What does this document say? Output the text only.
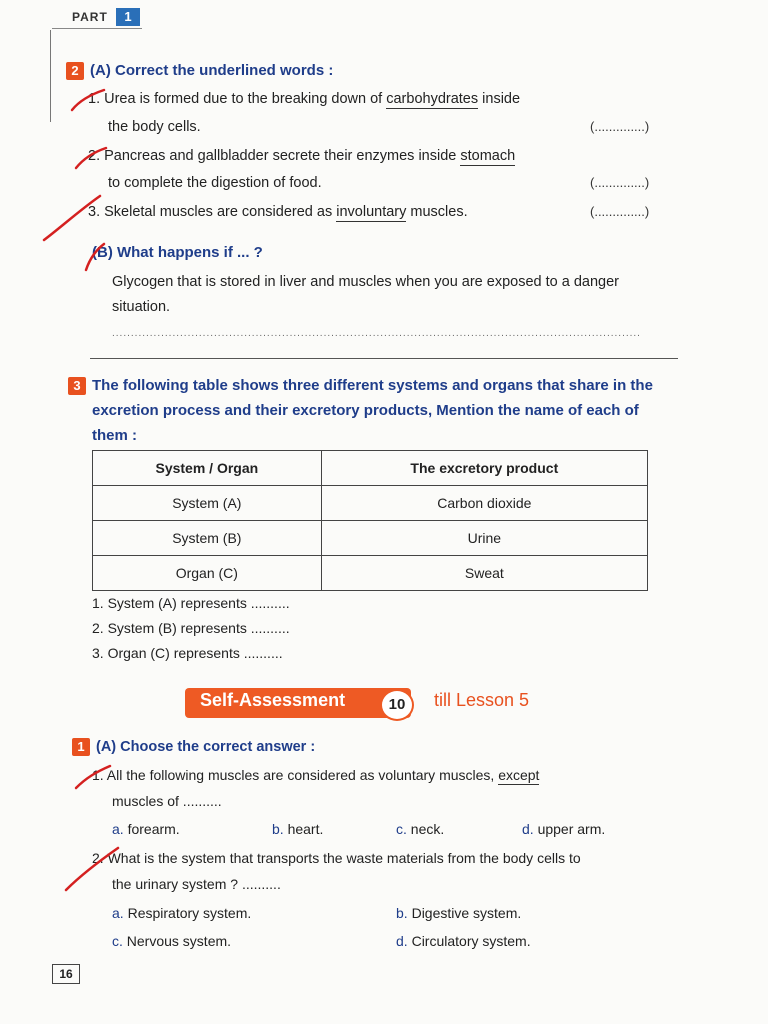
PART	1
2 (A) Correct the underlined words :
1. Urea is formed due to the breaking down of carbohydrates inside
the body cells.	(..............)
2. Pancreas and gallbladder secrete their enzymes inside stomach
to complete the digestion of food.	(..............)
3. Skeletal muscles are considered as involuntary muscles.	(..............)
(B) What happens if ... ?
Glycogen that is stored in liver and muscles when you are exposed to a danger
situation.
............................................................................................................................................
3 The following table shows three different systems and organs that share in the
excretion process and their excretory products, Mention the name of each of
them :
System / Organ	The excretory product
System (A)	Carbon dioxide
System (B)	Urine
Organ (C)	Sweat
1. System (A) represents ..........
2. System (B) represents ..........
3. Organ (C) represents ..........
Self-Assessment	10	till Lesson 5
1 (A) Choose the correct answer :
1. All the following muscles are considered as voluntary muscles, except
muscles of ..........
a. forearm.	b. heart.	c. neck.	d. upper arm.
2. What is the system that transports the waste materials from the body cells to
the urinary system ? ..........
a. Respiratory system.	b. Digestive system.
c. Nervous system.	d. Circulatory system.
16
